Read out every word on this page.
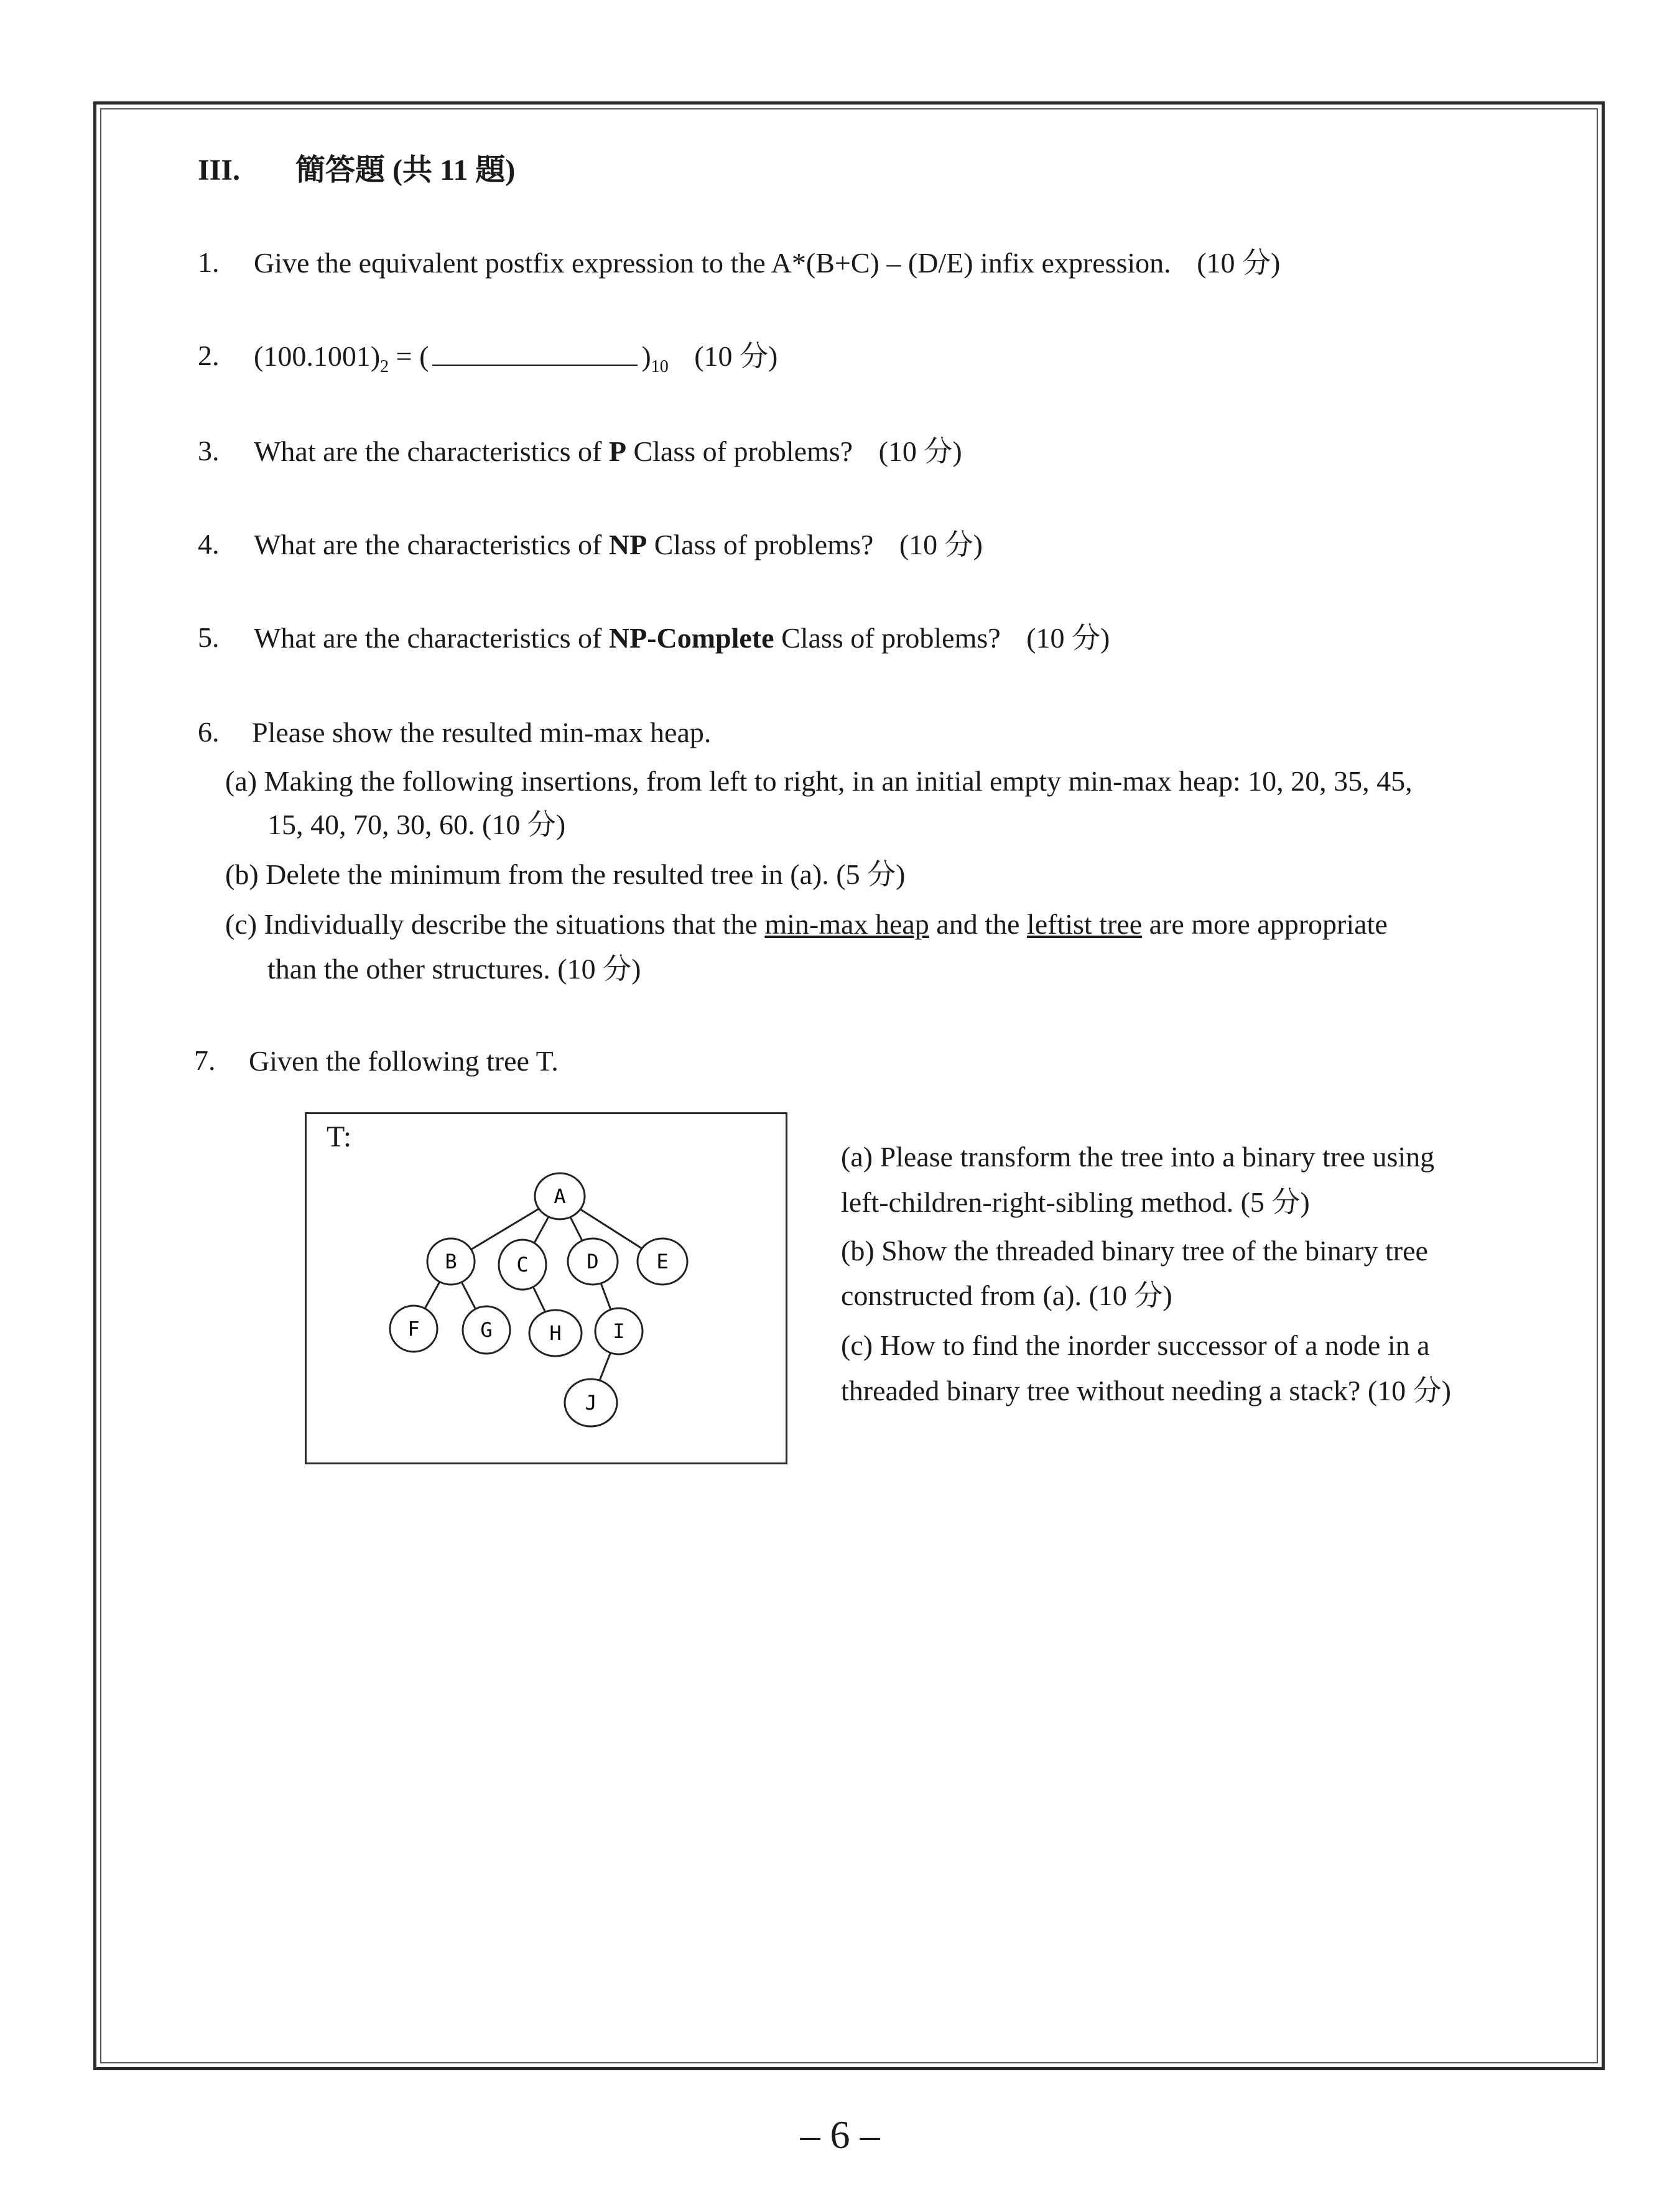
III. 簡答題 (共 11 題)
1. Give the equivalent postfix expression to the A*(B+C) – (D/E) infix expression. (10 分)
2. $(100.1001)_2$ = (	)$_{10}$ (10 分)
3. What are the characteristics of P Class of problems? (10 分)
4. What are the characteristics of NP Class of problems? (10 分)
5. What are the characteristics of NP-Complete Class of problems? (10 分)
6. Please show the resulted min-max heap.
(a) Making the following insertions, from left to right, in an initial empty min-max heap: 10, 20, 35, 45,
15, 40, 70, 30, 60. (10 分)
(b) Delete the minimum from the resulted tree in (a). (5 分)
(c) Individually describe the situations that the min-max heap and the leftist tree are more appropriate
than the other structures. (10 分)
7. Given the following tree T.
T:
A
B	C	D	E
F	G	H	I
J
(a) Please transform the tree into a binary tree using
left-children-right-sibling method. (5 分)
(b) Show the threaded binary tree of the binary tree
constructed from (a). (10 分)
(c) How to find the inorder successor of a node in a
threaded binary tree without needing a stack? (10 分)
– 6 –
